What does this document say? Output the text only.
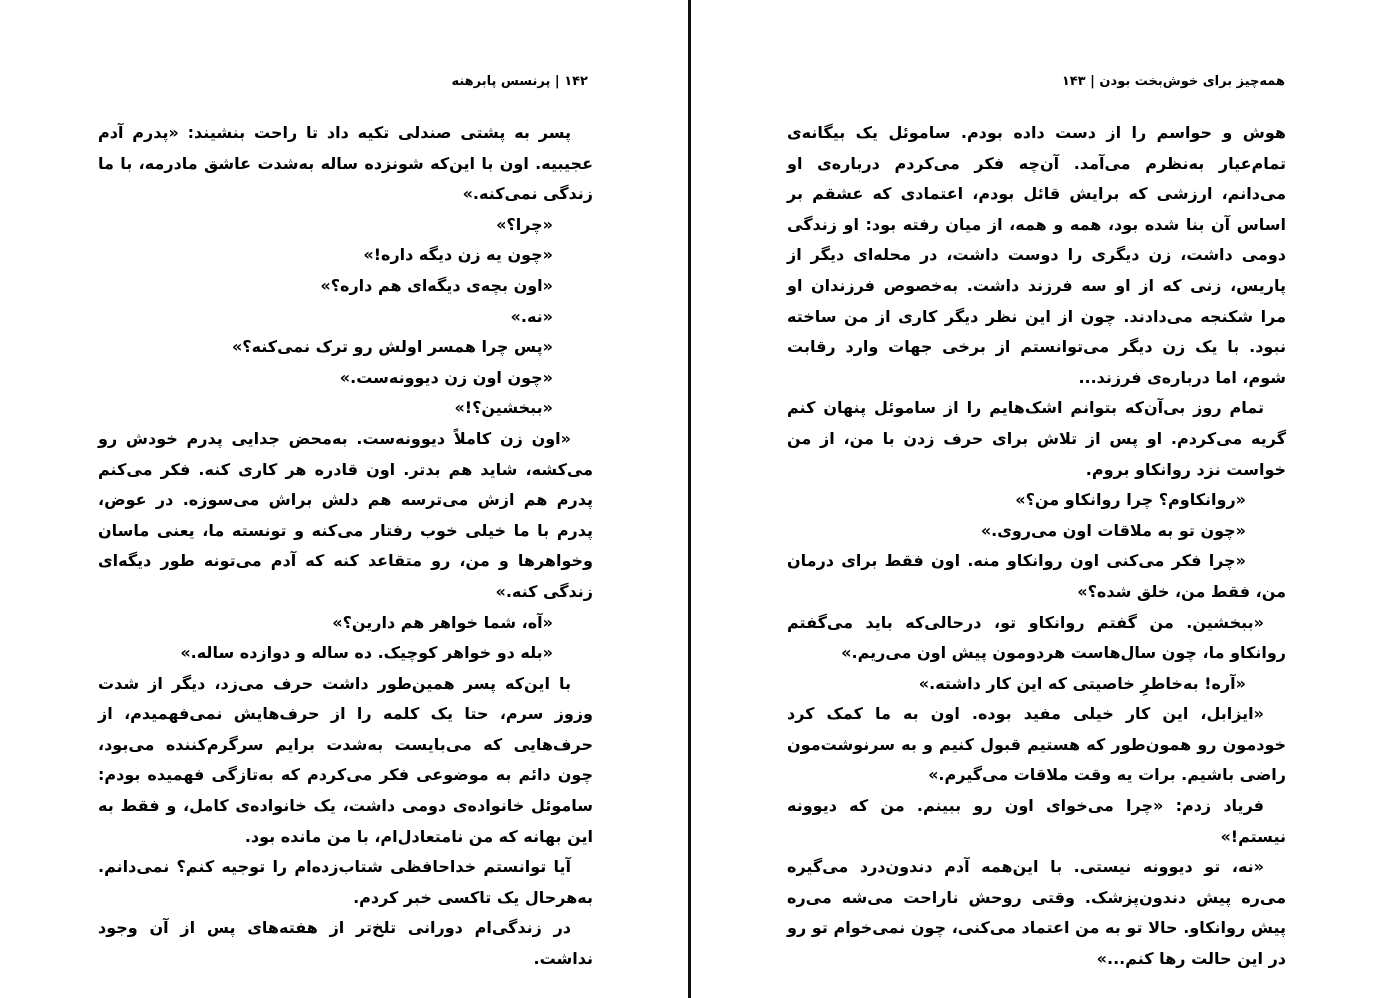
۱۴۲ | پرنسس پابرهنه

پسر به پشتی صندلی تکیه داد تا راحت بنشیند: «پدرم آدم عجیبیه. اون با این‌که شونزده ساله به‌شدت عاشق مادرمه، با ما زندگی نمی‌کنه.»

«چرا؟»

«چون یه زن دیگه داره!»

«اون بچه‌ی دیگه‌ای هم داره؟»

«نه.»

«پس چرا همسر اولش رو ترک نمی‌کنه؟»

«چون اون زن دیوونه‌ست.»

«ببخشین؟!»

«اون زن کاملاً دیوونه‌ست. به‌محض جدایی پدرم خودش رو می‌کشه، شاید هم بدتر. اون قادره هر کاری کنه. فکر می‌کنم پدرم هم ازش می‌ترسه هم دلش براش می‌سوزه. در عوض، پدرم با ما خیلی خوب رفتار می‌کنه و تونسته ما، یعنی ماسان وخواهرها و من، رو متقاعد کنه که آدم می‌تونه طور دیگه‌ای زندگی کنه.»

«آه، شما خواهر هم دارین؟»

«بله دو خواهر کوچیک. ده ساله و دوازده ساله.»

با این‌که پسر همین‌طور داشت حرف می‌زد، دیگر از شدت وزوز سرم، حتا یک کلمه را از حرف‌هایش نمی‌فهمیدم، از حرف‌هایی که می‌بایست به‌شدت برایم سرگرم‌کننده می‌بود، چون دائم به موضوعی فکر می‌کردم که به‌تازگی فهمیده بودم: ساموئل خانواده‌ی دومی داشت، یک خانواده‌ی کامل، و فقط به این بهانه که من نامتعادل‌ام، با من مانده بود.

آیا توانستم خداحافظی شتاب‌زده‌ام را توجیه کنم؟ نمی‌دانم. به‌هرحال یک تاکسی خبر کردم.

در زندگی‌ام دورانی تلخ‌تر از هفته‌های پس از آن وجود نداشت.

همه‌چیز برای خوش‌بخت بودن | ۱۴۳

هوش و حواسم را از دست داده بودم. ساموئل یک بیگانه‌ی تمام‌عیار به‌نظرم می‌آمد. آن‌چه فکر می‌کردم درباره‌ی او می‌دانم، ارزشی که برایش قائل بودم، اعتمادی که عشقم بر اساس آن بنا شده بود، همه و همه، از میان رفته بود: او زندگی دومی داشت، زن دیگری را دوست داشت، در محله‌ای دیگر از پاریس، زنی که از او سه فرزند داشت. به‌خصوص فرزندان او مرا شکنجه می‌دادند. چون از این نظر دیگر کاری از من ساخته نبود. با یک زن دیگر می‌توانستم از برخی جهات وارد رقابت شوم، اما درباره‌ی فرزند...

تمام روز بی‌آن‌که بتوانم اشک‌هایم را از ساموئل پنهان کنم گریه می‌کردم. او پس از تلاش برای حرف زدن با من، از من خواست نزد روانکاو بروم.

«روانکاوم؟ چرا روانکاو من؟»

«چون تو به ملاقات اون می‌روی.»

«چرا فکر می‌کنی اون روانکاو منه. اون فقط برای درمان من، فقط من، خلق شده؟»

«ببخشین. من گفتم روانکاو تو، درحالی‌که باید می‌گفتم روانکاو ما، چون سال‌هاست هردومون پیش اون می‌ریم.»

«آره! به‌خاطرِ خاصیتی که این کار داشته.»

«ایزابل، این کار خیلی مفید بوده. اون به ما کمک کرد خودمون رو همون‌طور که هستیم قبول کنیم و به سرنوشت‌مون راضی باشیم. برات یه وقت ملاقات می‌گیرم.»

فریاد زدم: «چرا می‌خوای اون رو ببینم. من که دیوونه نیستم!»

«نه، تو دیوونه نیستی. با این‌همه آدم دندون‌درد می‌گیره می‌ره پیش دندون‌پزشک. وقتی روحش ناراحت می‌شه می‌ره پیش روانکاو. حالا تو به من اعتماد می‌کنی، چون نمی‌خوام تو رو در این حالت رها کنم...»
